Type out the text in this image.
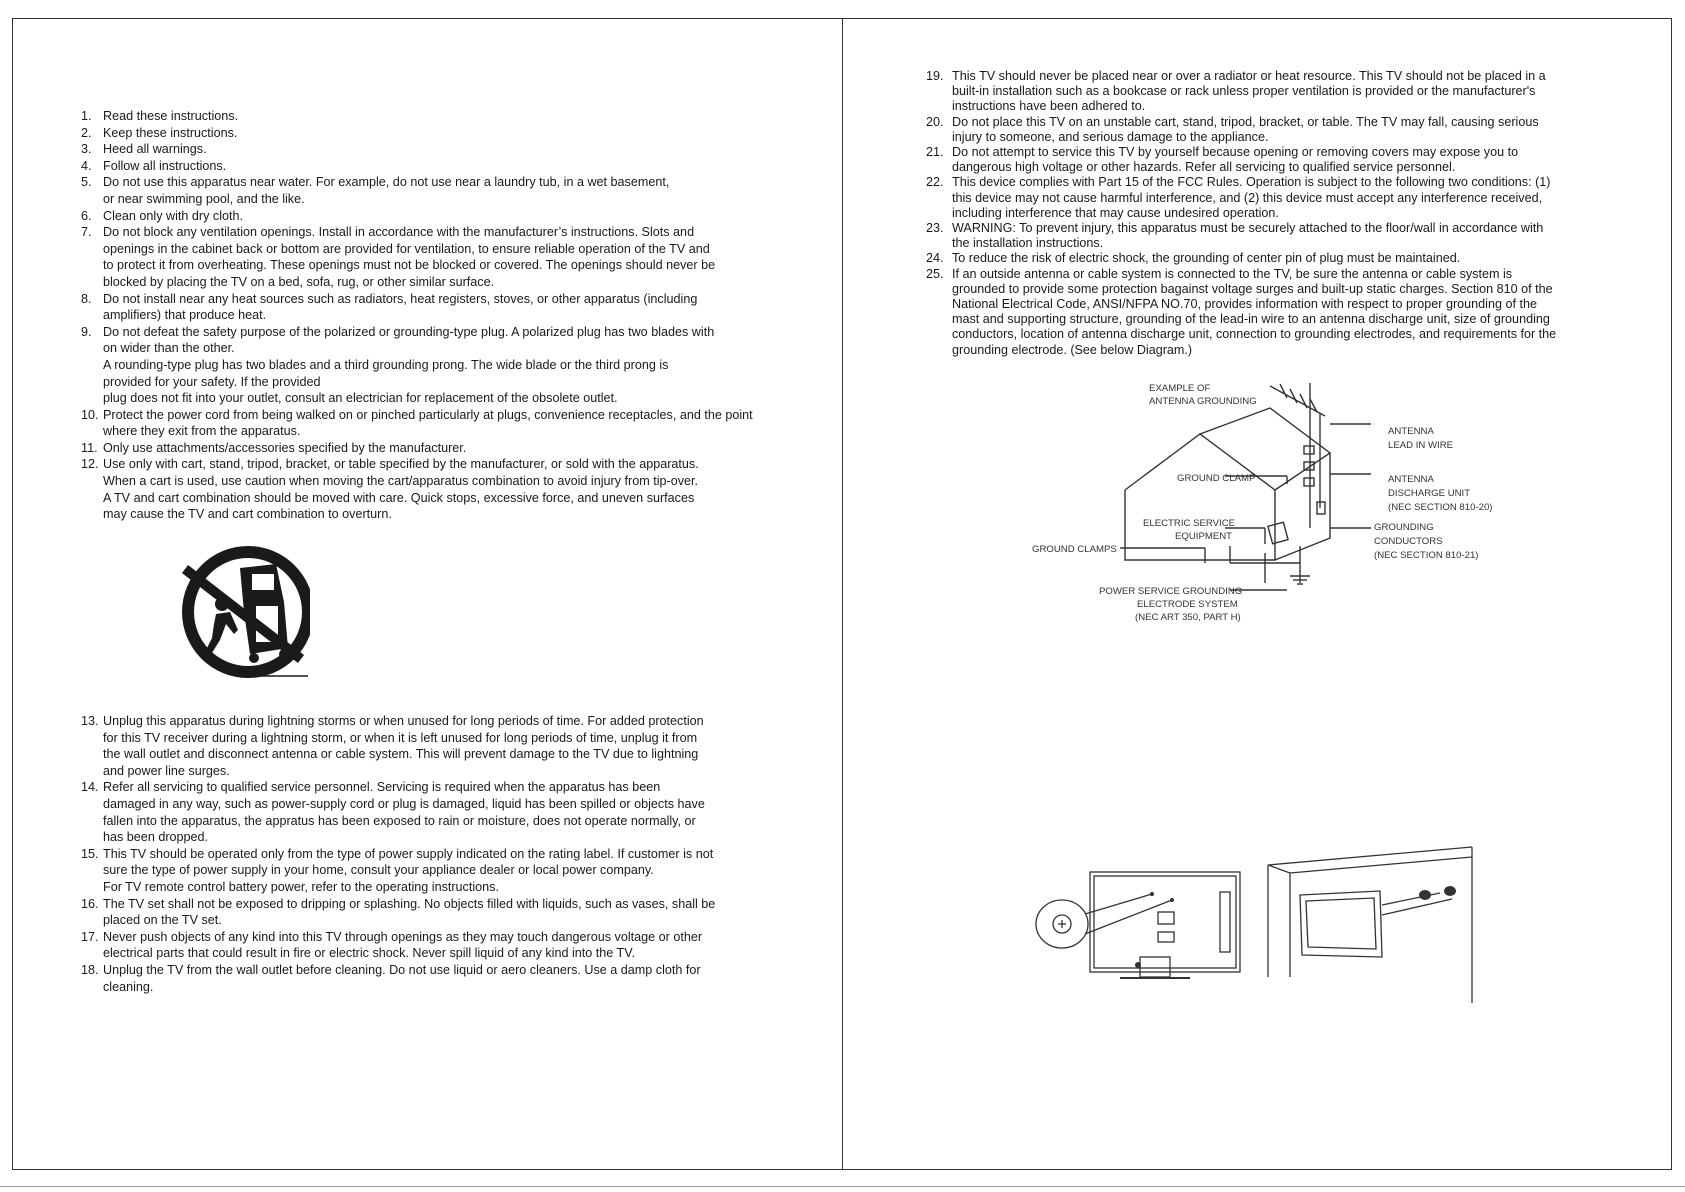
1. Read these instructions.
2. Keep these instructions.
3. Heed all warnings.
4. Follow all instructions.
5. Do not use this apparatus near water. For example, do not use near a laundry tub, in a wet basement,
or near swimming pool, and the like.
6. Clean only with dry cloth.
7. Do not block any ventilation openings. Install in accordance with the manufacturer’s instructions. Slots and
openings in the cabinet back or bottom are provided for ventilation, to ensure reliable operation of the TV and
to protect it from overheating. These openings must not be blocked or covered. The openings should never be
blocked by placing the TV on a bed, sofa, rug, or other similar surface.
8. Do not install near any heat sources such as radiators, heat registers, stoves, or other apparatus (including
amplifiers) that produce heat.
9. Do not defeat the safety purpose of the polarized or grounding-type plug. A polarized plug has two blades with
on wider than the other.
A rounding-type plug has two blades and a third grounding prong. The wide blade or the third prong is
provided for your safety. If the provided
plug does not fit into your outlet, consult an electrician for replacement of the obsolete outlet.
10. Protect the power cord from being walked on or pinched particularly at plugs, convenience receptacles, and the point
where they exit from the apparatus.
11. Only use attachments/accessories specified by the manufacturer.
12. Use only with cart, stand, tripod, bracket, or table specified by the manufacturer, or sold with the apparatus.
When a cart is used, use caution when moving the cart/apparatus combination to avoid injury from tip-over.
A TV and cart combination should be moved with care. Quick stops, excessive force, and uneven surfaces
may cause the TV and cart combination to overturn.
13. Unplug this apparatus during lightning storms or when unused for long periods of time. For added protection
for this TV receiver during a lightning storm, or when it is left unused for long periods of time, unplug it from
the wall outlet and disconnect antenna or cable system. This will prevent damage to the TV due to lightning
and power line surges.
14. Refer all servicing to qualified service personnel. Servicing is required when the apparatus has been
damaged in any way, such as power-supply cord or plug is damaged, liquid has been spilled or objects have
fallen into the apparatus, the appratus has been exposed to rain or moisture, does not operate normally, or
has been dropped.
15. This TV should be operated only from the type of power supply indicated on the rating label. If customer is not
sure the type of power supply in your home, consult your appliance dealer or local power company.
For TV remote control battery power, refer to the operating instructions.
16. The TV set shall not be exposed to dripping or splashing. No objects filled with liquids, such as vases, shall be
placed on the TV set.
17. Never push objects of any kind into this TV through openings as they may touch dangerous voltage or other
electrical parts that could result in fire or electric shock. Never spill liquid of any kind into the TV.
18. Unplug the TV from the wall outlet before cleaning. Do not use liquid or aero cleaners. Use a damp cloth for
cleaning.
19. This TV should never be placed near or over a radiator or heat resource. This TV should not be placed in a
built-in installation such as a bookcase or rack unless proper ventilation is provided or the manufacturer's
instructions have been adhered to.
20. Do not place this TV on an unstable cart, stand, tripod, bracket, or table. The TV may fall, causing serious
injury to someone, and serious damage to the appliance.
21. Do not attempt to service this TV by yourself because opening or removing covers may expose you to
dangerous high voltage or other hazards. Refer all servicing to qualified service personnel.
22. This device complies with Part 15 of the FCC Rules. Operation is subject to the following two conditions: (1)
this device may not cause harmful interference, and (2) this device must accept any interference received,
including interference that may cause undesired operation.
23. WARNING: To prevent injury, this apparatus must be securely attached to the floor/wall in accordance with
the installation instructions.
24. To reduce the risk of electric shock, the grounding of center pin of plug must be maintained.
25. If an outside antenna or cable system is connected to the TV, be sure the antenna or cable system is
grounded to provide some protection bagainst voltage surges and built-up static charges. Section 810 of the
National Electrical Code, ANSI/NFPA NO.70, provides information with respect to proper grounding of the
mast and supporting structure, grounding of the lead-in wire to an antenna discharge unit, size of grounding
conductors, location of antenna discharge unit, connection to grounding electrodes, and requirements for the
grounding electrode. (See below Diagram.)
EXAMPLE OF
ANTENNA GROUNDING
GROUND CLAMP
ELECTRIC SERVICE
EQUIPMENT
GROUND CLAMPS
POWER SERVICE GROUNDING
ELECTRODE SYSTEM
(NEC ART 350, PART H)
ANTENNA
LEAD IN WIRE
ANTENNA
DISCHARGE UNIT
(NEC SECTION 810-20)
GROUNDING
CONDUCTORS
(NEC SECTION 810-21)
